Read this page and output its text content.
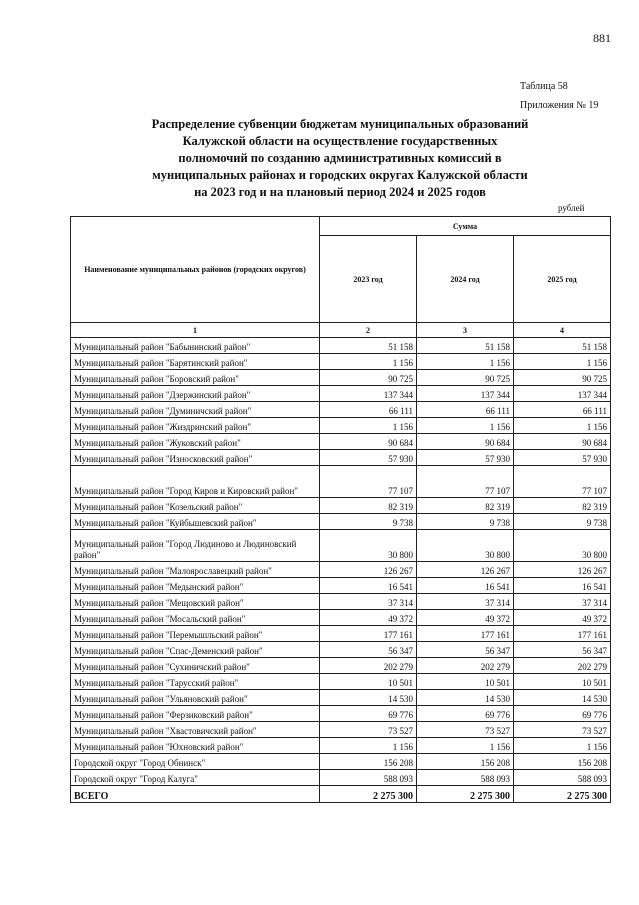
881
Таблица 58
Приложения № 19
Распределение субвенции бюджетам муниципальных образований
Калужской области на осуществление государственных
полномочий по созданию административных комиссий в
муниципальных районах и городских округах Калужской области
на 2023 год и на плановый период 2024 и 2025 годов
рублей
Наименование муниципальных районов (городских округов)	Сумма		
	2023 год	2024 год	2025 год
1	2	3	4
Муниципальный район "Бабынинский район"	51 158	51 158	51 158
Муниципальный район "Барятинский район"	1 156	1 156	1 156
Муниципальный район "Боровский район"	90 725	90 725	90 725
Муниципальный район "Дзержинский район"	137 344	137 344	137 344
Муниципальный район "Думиничский район"	66 111	66 111	66 111
Муниципальный район "Жиздринский район"	1 156	1 156	1 156
Муниципальный район "Жуковский район"	90 684	90 684	90 684
Муниципальный район "Износковский район"	57 930	57 930	57 930
Муниципальный район "Город Киров и Кировский район"	77 107	77 107	77 107
Муниципальный район "Козельский район"	82 319	82 319	82 319
Муниципальный район "Куйбышевский район"	9 738	9 738	9 738
Муниципальный район "Город Людиново и Людиновский район"	30 800	30 800	30 800
Муниципальный район "Малоярославецкий район"	126 267	126 267	126 267
Муниципальный район "Медынский район"	16 541	16 541	16 541
Муниципальный район "Мещовский район"	37 314	37 314	37 314
Муниципальный район "Мосальский район"	49 372	49 372	49 372
Муниципальный район "Перемышльский район"	177 161	177 161	177 161
Муниципальный район "Спас-Деменский район"	56 347	56 347	56 347
Муниципальный район "Сухиничский район"	202 279	202 279	202 279
Муниципальный район "Тарусский район"	10 501	10 501	10 501
Муниципальный район "Ульяновский район"	14 530	14 530	14 530
Муниципальный район "Ферзиковский район"	69 776	69 776	69 776
Муниципальный район "Хвастовичский район"	73 527	73 527	73 527
Муниципальный район "Юхновский район"	1 156	1 156	1 156
Городской округ "Город Обнинск"	156 208	156 208	156 208
Городской округ "Город Калуга"	588 093	588 093	588 093
ВСЕГО	2 275 300	2 275 300	2 275 300
